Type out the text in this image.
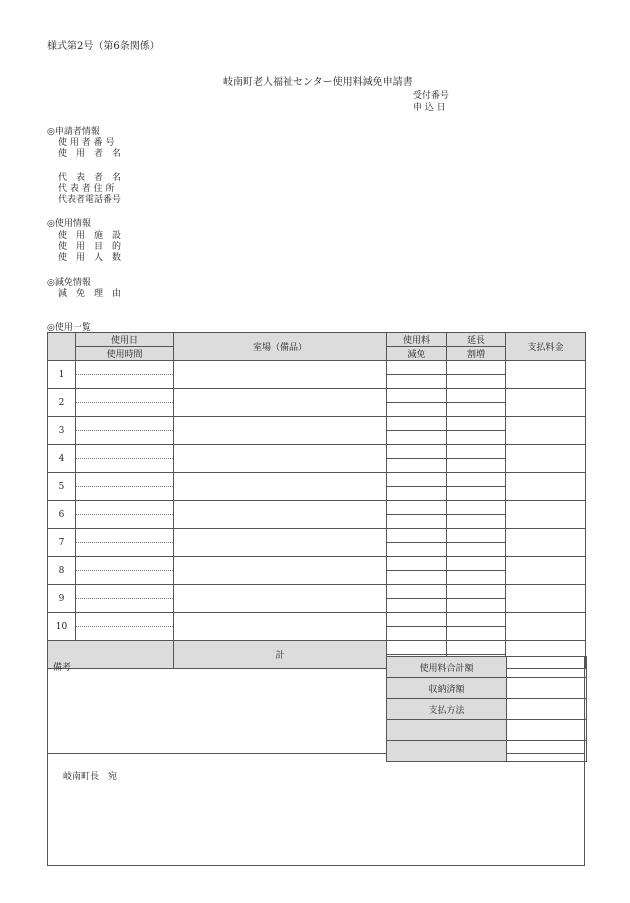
様式第2号（第6条関係）
岐南町老人福祉センター使用料減免申請書
受付番号
申 込 日
◎申請者情報
使 用 者 番 号
使　用　者　名
代　表　者　名
代 表 者 住 所
代表者電話番号
◎使用情報
使　用　施　設
使　用　目　的
使　用　人　数
◎減免情報
減　免　理　由
◎使用一覧
	使用日	室場（備品）	使用料	延長	支払料金
	使用時間		減免	割増	
1					

2					

3					

4					

5					

6					

7					

8					

9					

10					

		計			

備考	使用料合計額	
収納済額	
支払方法	

岐南町長　宛
